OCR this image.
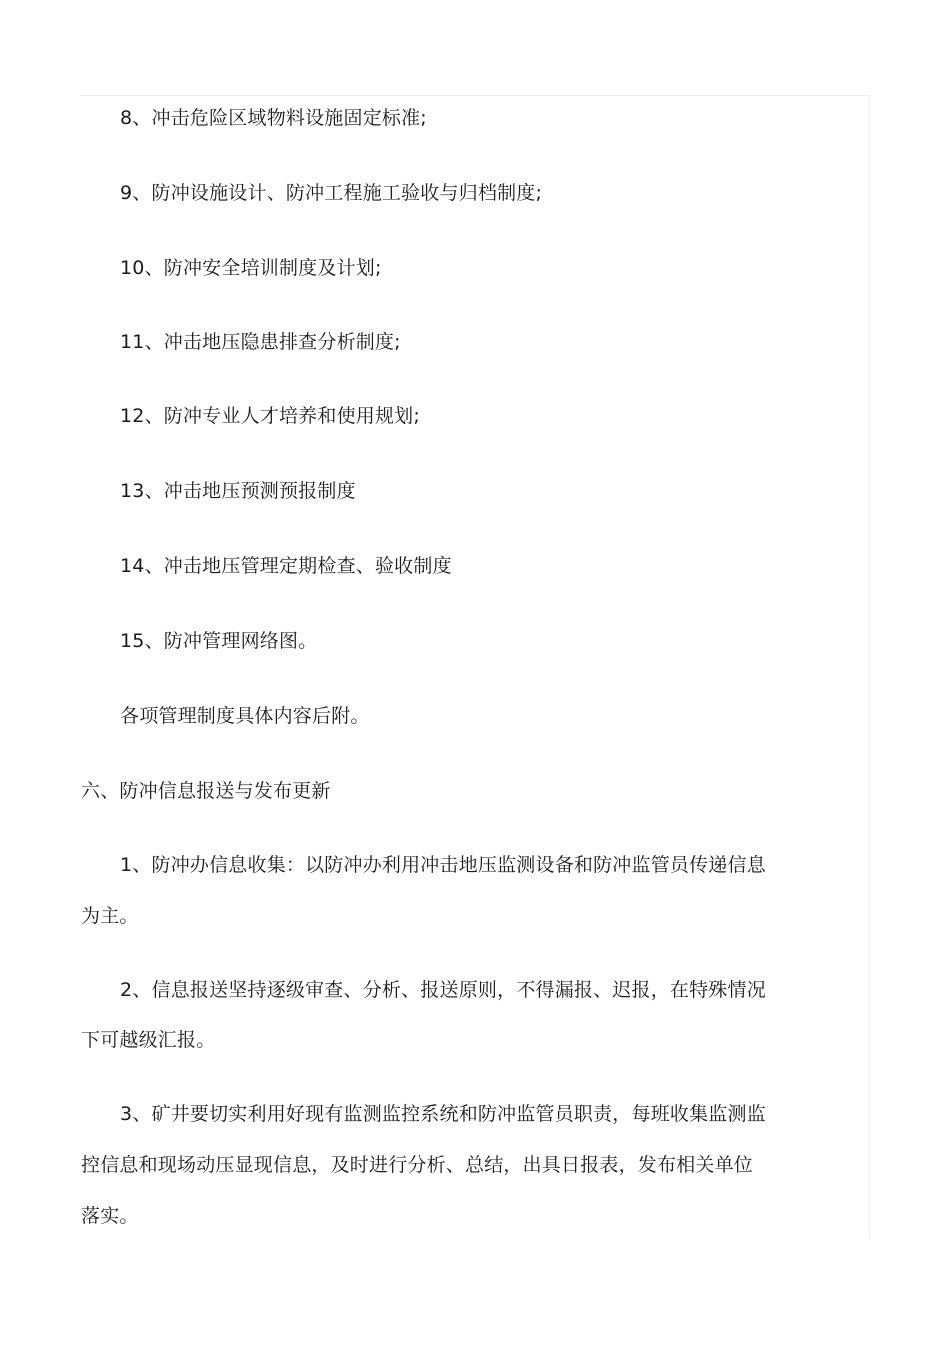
8、冲击危险区域物料设施固定标准;

9、防冲设施设计、防冲工程施工验收与归档制度;

10、防冲安全培训制度及计划;

11、冲击地压隐患排查分析制度;

12、防冲专业人才培养和使用规划;

13、冲击地压预测预报制度

14、冲击地压管理定期检查、验收制度

15、防冲管理网络图。

各项管理制度具体内容后附。

六、防冲信息报送与发布更新

1、防冲办信息收集：以防冲办利用冲击地压监测设备和防冲监管员传递信息

为主。

2、信息报送坚持逐级审查、分析、报送原则，不得漏报、迟报，在特殊情况

下可越级汇报。

3、矿井要切实利用好现有监测监控系统和防冲监管员职责，每班收集监测监

控信息和现场动压显现信息，及时进行分析、总结，出具日报表，发布相关单位

落实。
